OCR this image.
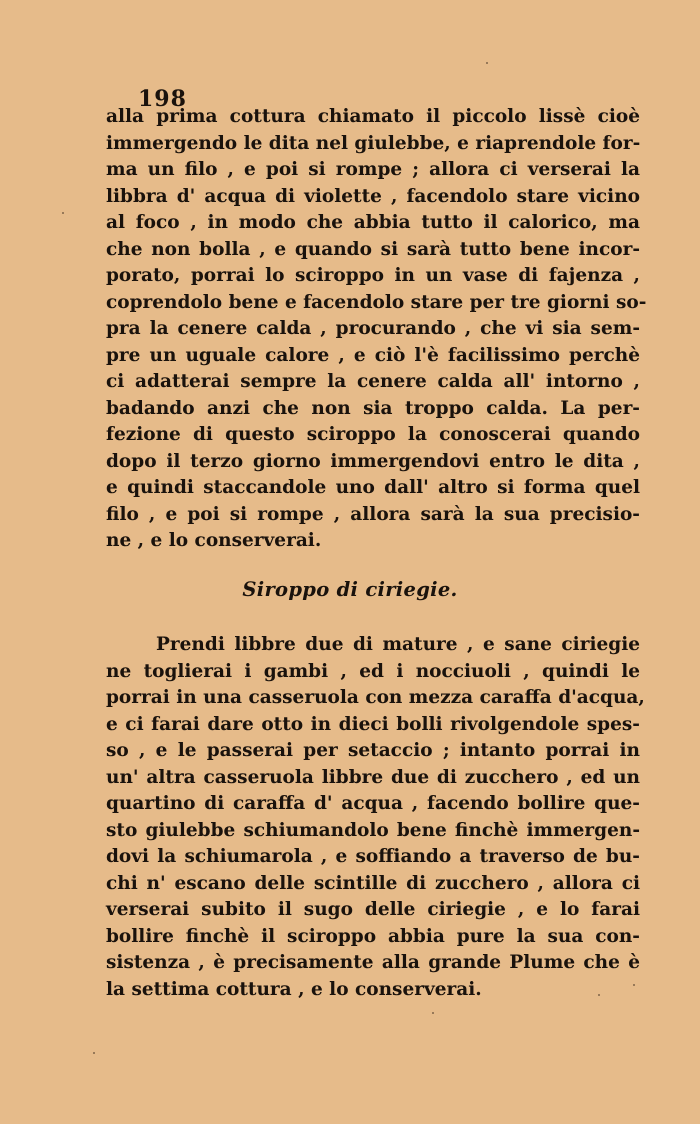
198
alla prima cottura chiamato il piccolo lissè cioè
immergendo le dita nel giulebbe, e riaprendole for-
ma un filo , e poi si rompe ; allora ci verserai la
libbra d' acqua di violette , facendolo stare vicino
al foco , in modo che abbia tutto il calorico, ma
che non bolla , e quando si sarà tutto bene incor-
porato, porrai lo sciroppo in un vase di fajenza ,
coprendolo bene e facendolo stare per tre giorni so-
pra la cenere calda , procurando , che vi sia sem-
pre un uguale calore , e ciò l'è facilissimo perchè
ci adatterai sempre la cenere calda all' intorno ,
badando anzi che non sia troppo calda. La per-
fezione di questo sciroppo la conoscerai quando
dopo il terzo giorno immergendovi entro le dita ,
e quindi staccandole uno dall' altro si forma quel
filo , e poi si rompe , allora sarà la sua precisio-
ne , e lo conserverai.
Siroppo di ciriegie.
Prendi libbre due di mature , e sane ciriegie
ne toglierai i gambi , ed i nocciuoli , quindi le
porrai in una casseruola con mezza caraffa d'acqua,
e ci farai dare otto in dieci bolli rivolgendole spes-
so , e le passerai per setaccio ; intanto porrai in
un' altra casseruola libbre due di zucchero , ed un
quartino di caraffa d' acqua , facendo bollire que-
sto giulebbe schiumandolo bene finchè immergen-
dovi la schiumarola , e soffiando a traverso de bu-
chi n' escano delle scintille di zucchero , allora ci
verserai subito il sugo delle ciriegie , e lo farai
bollire finchè il sciroppo abbia pure la sua con-
sistenza , è precisamente alla grande Plume che è
la settima cottura , e lo conserverai.
